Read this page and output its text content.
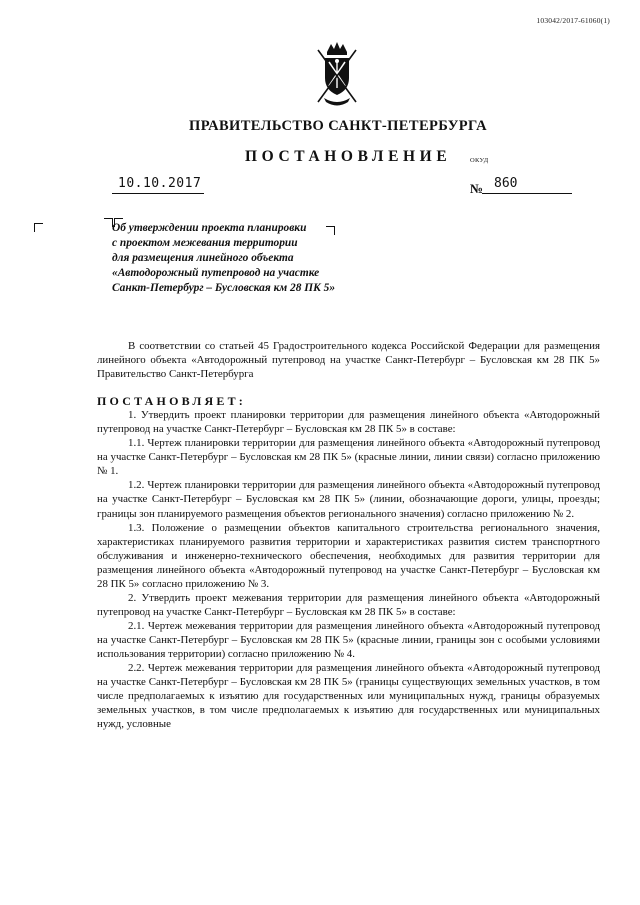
103042/2017-61060(1)
ПРАВИТЕЛЬСТВО САНКТ-ПЕТЕРБУРГА
ПОСТАНОВЛЕНИЕ	ОКУД
10.10.2017	№ 860
Об утверждении проекта планировки
с проектом межевания территории
для размещения линейного объекта
«Автодорожный путепровод на участке
Санкт-Петербург – Бусловская км 28 ПК 5»

В соответствии со статьей 45 Градостроительного кодекса Российской Федерации для размещения линейного объекта «Автодорожный путепровод на участке Санкт-Петербург – Бусловская км 28 ПК 5» Правительство Санкт-Петербурга

ПОСТАНОВЛЯЕТ:

1. Утвердить проект планировки территории для размещения линейного объекта «Автодорожный путепровод на участке Санкт-Петербург – Бусловская км 28 ПК 5» в составе:

1.1. Чертеж планировки территории для размещения линейного объекта «Автодорожный путепровод на участке Санкт-Петербург – Бусловская км 28 ПК 5» (красные линии, линии связи) согласно приложению № 1.

1.2. Чертеж планировки территории для размещения линейного объекта «Автодорожный путепровод на участке Санкт-Петербург – Бусловская км 28 ПК 5» (линии, обозначающие дороги, улицы, проезды; границы зон планируемого размещения объектов регионального значения) согласно приложению № 2.

1.3. Положение о размещении объектов капитального строительства регионального значения, характеристиках планируемого развития территории и характеристиках развития систем транспортного обслуживания и инженерно-технического обеспечения, необходимых для развития территории для размещения линейного объекта «Автодорожный путепровод на участке Санкт-Петербург – Бусловская км 28 ПК 5» согласно приложению № 3.

2. Утвердить проект межевания территории для размещения линейного объекта «Автодорожный путепровод на участке Санкт-Петербург – Бусловская км 28 ПК 5» в составе:

2.1. Чертеж межевания территории для размещения линейного объекта «Автодорожный путепровод на участке Санкт-Петербург – Бусловская км 28 ПК 5» (красные линии, границы зон с особыми условиями использования территории) согласно приложению № 4.

2.2. Чертеж межевания территории для размещения линейного объекта «Автодорожный путепровод на участке Санкт-Петербург – Бусловская км 28 ПК 5» (границы существующих земельных участков, в том числе предполагаемых к изъятию для государственных или муниципальных нужд, границы образуемых земельных участков, в том числе предполагаемых к изъятию для государственных или муниципальных нужд, условные
